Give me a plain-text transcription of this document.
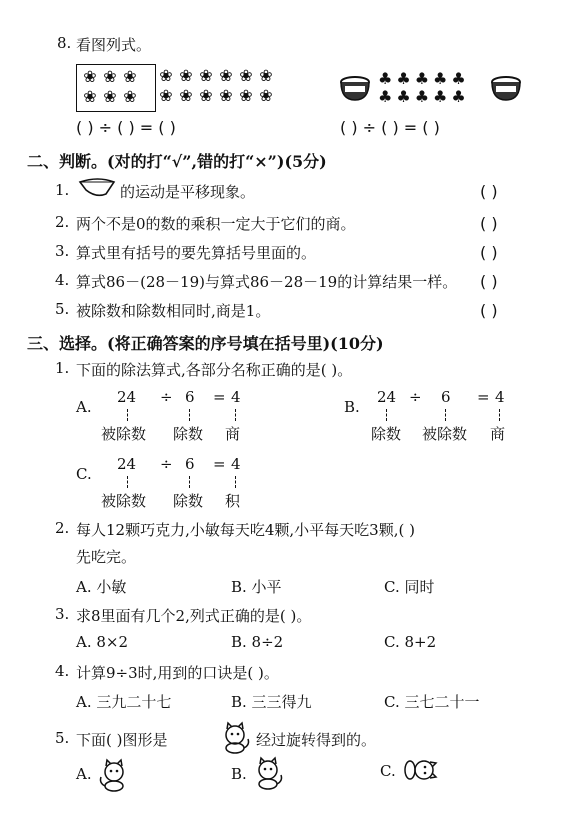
8. 看图列式。
❀ ❀ ❀
❀ ❀ ❀
❀ ❀ ❀ ❀ ❀ ❀
❀ ❀ ❀ ❀ ❀ ❀
♣♣♣♣♣
♣♣♣♣♣
( ) ÷ ( ) = ( )	( ) ÷ ( ) = ( )
二、判断。(对的打“√”,错的打“×”)(5分)
1.	的运动是平移现象。	( )
2. 两个不是0的数的乘积一定大于它们的商。	( )
3. 算式里有括号的要先算括号里面的。	( )
4. 算式86－(28－19)与算式86－28－19的计算结果一样。 ( )
5. 被除数和除数相同时,商是1。	( )
三、选择。(将正确答案的序号填在括号里)(10分)
1. 下面的除法算式,各部分名称正确的是( )。
A.
24 ÷ 6 = 4
被除数 除数 商
B.
24 ÷ 6 = 4
除数 被除数 商
C.
24 ÷ 6 = 4
被除数 除数 积
2. 每人12颗巧克力,小敏每天吃4颗,小平每天吃3颗,( )
先吃完。
A. 小敏	B. 小平	C. 同时
3. 求8里面有几个2,列式正确的是( )。
A. 8×2	B. 8÷2	C. 8+2
4. 计算9÷3时,用到的口诀是( )。
A. 三九二十七	B. 三三得九	C. 三七二十一
5. 下面( )图形是	经过旋转得到的。
A.	B.	C.
